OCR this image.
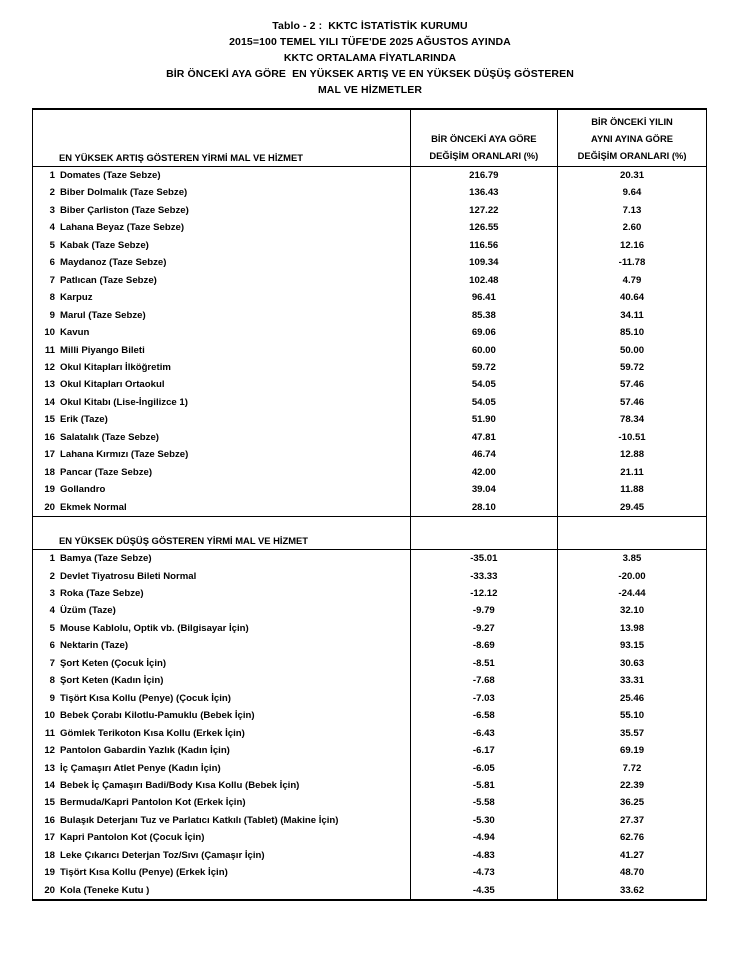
Tablo - 2 :  KKTC İSTATİSTİK KURUMU
2015=100 TEMEL YILI TÜFE'DE 2025 AĞUSTOS AYINDA
KKTC ORTALAMA FİYATLARINDA
BİR ÖNCEKİ AYA GÖRE  EN YÜKSEK ARTIŞ VE EN YÜKSEK DÜŞÜŞ GÖSTEREN
MAL VE HİZMETLER
EN YÜKSEK ARTIŞ GÖSTEREN YİRMİ MAL VE HİZMET

BİR ÖNCEKİ AYA GÖRE
DEĞİŞİM ORANLARI (%)

BİR ÖNCEKİ YILIN
AYNI AYINA GÖRE
DEĞİŞİM ORANLARI (%)

1 Domates (Taze Sebze)	216.79	20.31
2 Biber Dolmalık (Taze Sebze)	136.43	9.64
3 Biber Çarliston (Taze Sebze)	127.22	7.13
4 Lahana Beyaz (Taze Sebze)	126.55	2.60
5 Kabak (Taze Sebze)	116.56	12.16
6 Maydanoz (Taze Sebze)	109.34	-11.78
7 Patlıcan (Taze Sebze)	102.48	4.79
8 Karpuz	96.41	40.64
9 Marul (Taze Sebze)	85.38	34.11
10 Kavun	69.06	85.10
11 Milli Piyango Bileti	60.00	50.00
12 Okul Kitapları İlköğretim	59.72	59.72
13 Okul Kitapları Ortaokul	54.05	57.46
14 Okul Kitabı (Lise-İngilizce 1)	54.05	57.46
15 Erik (Taze)	51.90	78.34
16 Salatalık (Taze Sebze)	47.81	-10.51
17 Lahana Kırmızı (Taze Sebze)	46.74	12.88
18 Pancar (Taze Sebze)	42.00	21.11
19 Gollandro	39.04	11.88
20 Ekmek Normal	28.10	29.45

EN YÜKSEK DÜŞÜŞ GÖSTEREN YİRMİ MAL VE HİZMET		

1 Bamya (Taze Sebze)	-35.01	3.85
2 Devlet Tiyatrosu Bileti Normal	-33.33	-20.00
3 Roka (Taze Sebze)	-12.12	-24.44
4 Üzüm (Taze)	-9.79	32.10
5 Mouse Kablolu, Optik vb. (Bilgisayar İçin)	-9.27	13.98
6 Nektarin (Taze)	-8.69	93.15
7 Şort Keten (Çocuk İçin)	-8.51	30.63
8 Şort Keten (Kadın İçin)	-7.68	33.31
9 Tişört Kısa Kollu (Penye) (Çocuk İçin)	-7.03	25.46
10 Bebek Çorabı Kilotlu-Pamuklu (Bebek İçin)	-6.58	55.10
11 Gömlek Terikoton Kısa Kollu (Erkek İçin)	-6.43	35.57
12 Pantolon Gabardin Yazlık (Kadın İçin)	-6.17	69.19
13 İç Çamaşırı Atlet Penye (Kadın İçin)	-6.05	7.72
14 Bebek İç Çamaşırı Badi/Body Kısa Kollu (Bebek İçin)	-5.81	22.39
15 Bermuda/Kapri Pantolon Kot (Erkek İçin)	-5.58	36.25
16 Bulaşık Deterjanı Tuz ve Parlatıcı Katkılı (Tablet) (Makine İçin)	-5.30	27.37
17 Kapri Pantolon Kot (Çocuk İçin)	-4.94	62.76
18 Leke Çıkarıcı Deterjan Toz/Sıvı (Çamaşır İçin)	-4.83	41.27
19 Tişört Kısa Kollu (Penye) (Erkek İçin)	-4.73	48.70
20 Kola (Teneke Kutu )	-4.35	33.62
